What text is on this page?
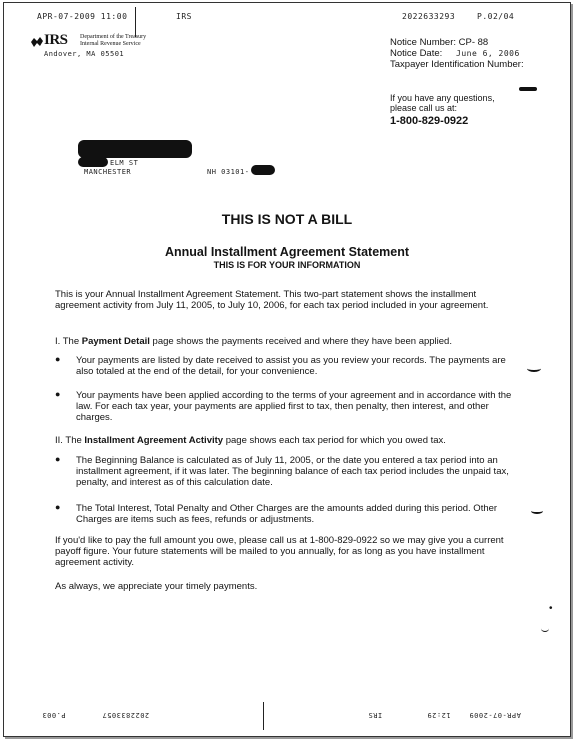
APR-07-2009 11:00	IRS	2022633293	P.02/04
IRS Department of the Treasury
Internal Revenue Service
Andover, MA 05501
Notice Number: CP- 88
Notice Date: June 6, 2006
Taxpayer Identification Number:
If you have any questions,
please call us at:
1-800-829-0922
ELM ST
MANCHESTER	NH 03101-
THIS IS NOT A BILL
Annual Installment Agreement Statement
THIS IS FOR YOUR INFORMATION
This is your Annual Installment Agreement Statement. This two-part statement shows the installment agreement activity from July 11, 2005, to July 10, 2006, for each tax period included in your agreement.
I. The Payment Detail page shows the payments received and where they have been applied.
● Your payments are listed by date received to assist you as you review your records. The payments are also totaled at the end of the detail, for your convenience.
● Your payments have been applied according to the terms of your agreement and in accordance with the law. For each tax year, your payments are applied first to tax, then penalty, then interest, and other charges.
II. The Installment Agreement Activity page shows each tax period for which you owed tax.
● The Beginning Balance is calculated as of July 11, 2005, or the date you entered a tax period into an installment agreement, if it was later. The beginning balance of each tax period includes the unpaid tax, penalty, and interest as of this calculation date.
● The Total Interest, Total Penalty and Other Charges are the amounts added during this period. Other Charges are items such as fees, refunds or adjustments.
If you'd like to pay the full amount you owe, please call us at 1-800-829-0922 so we may give you a current payoff figure. Your future statements will be mailed to you annually, for as long as you have installment agreement activity.
As always, we appreciate your timely payments.
•
P.003	2022833057	IRS	12:29	APR-07-2009
